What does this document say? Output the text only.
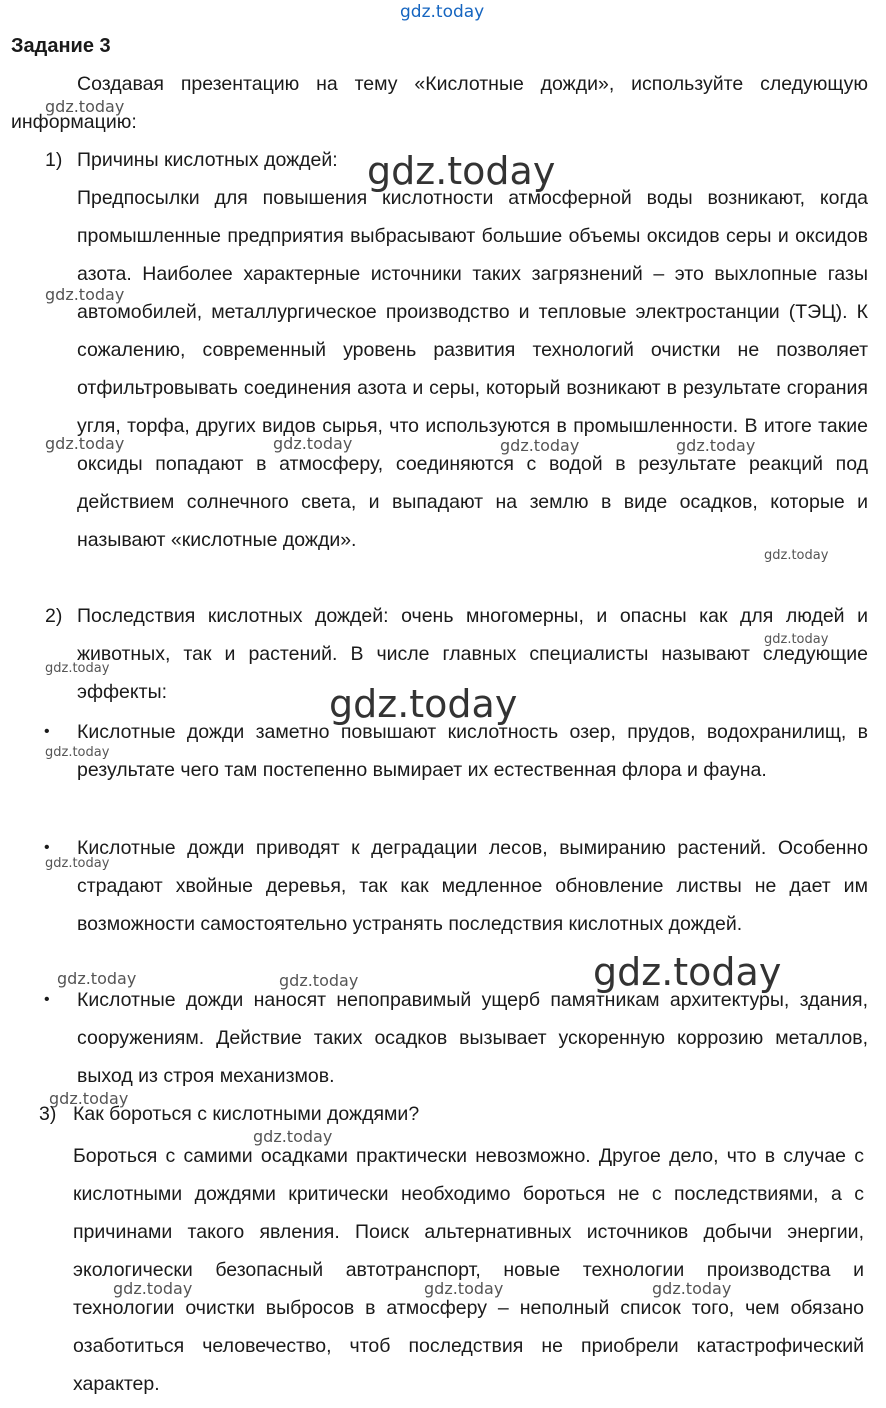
gdz.today
gdz.today
gdz.today
gdz.today
gdz.today	gdz.today	gdz.today	gdz.today
gdz.today
gdz.today
gdz.today
gdz.today
gdz.today
gdz.today
gdz.today	gdz.today	gdz.today
gdz.today
gdz.today
gdz.today	gdz.today	gdz.today
Задание 3

Создавая презентацию на тему «Кислотные дожди», используйте следующую информацию:

1) Причины кислотных дождей:

Предпосылки для повышения кислотности атмосферной воды возникают, когда промышленные предприятия выбрасывают большие объемы оксидов серы и оксидов азота. Наиболее характерные источники таких загрязнений – это выхлопные газы автомобилей, металлургическое производство и тепловые электростанции (ТЭЦ). К сожалению, современный уровень развития технологий очистки не позволяет отфильтровывать соединения азота и серы, который возникают в результате сгорания угля, торфа, других видов сырья, что используются в промышленности. В итоге такие оксиды попадают в атмосферу, соединяются с водой в результате реакций под действием солнечного света, и выпадают на землю в виде осадков, которые и называют «кислотные дожди».

2) Последствия кислотных дождей: очень многомерны, и опасны как для людей и животных, так и растений. В числе главных специалисты называют следующие эффекты:

• Кислотные дожди заметно повышают кислотность озер, прудов, водохранилищ, в результате чего там постепенно вымирает их естественная флора и фауна.

• Кислотные дожди приводят к деградации лесов, вымиранию растений. Особенно страдают хвойные деревья, так как медленное обновление листвы не дает им возможности самостоятельно устранять последствия кислотных дождей.

• Кислотные дожди наносят непоправимый ущерб памятникам архитектуры, здания, сооружениям. Действие таких осадков вызывает ускоренную коррозию металлов, выход из строя механизмов.

3) Как бороться с кислотными дождями?

Бороться с самими осадками практически невозможно. Другое дело, что в случае с кислотными дождями критически необходимо бороться не с последствиями, а с причинами такого явления. Поиск альтернативных источников добычи энергии, экологически безопасный автотранспорт, новые технологии производства и технологии очистки выбросов в атмосферу – неполный список того, чем обязано озаботиться человечество, чтоб последствия не приобрели катастрофический характер.
